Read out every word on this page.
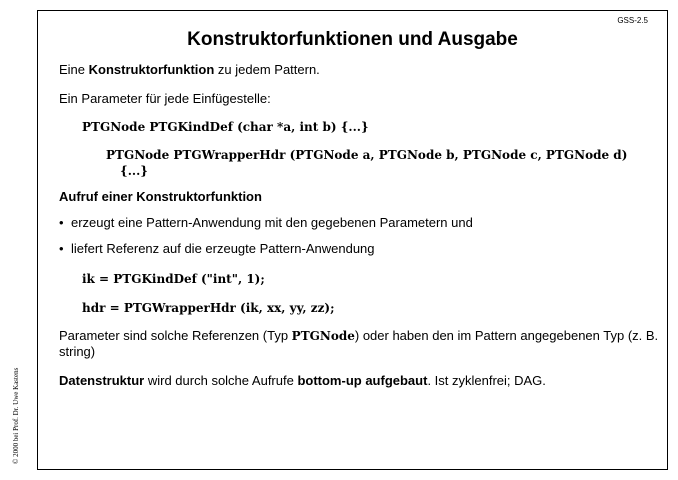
GSS-2.5
Konstruktorfunktionen und Ausgabe

Eine Konstruktorfunktion zu jedem Pattern.

Ein Parameter für jede Einfügestelle:

PTGNode PTGKindDef (char *a, int b) {...}

PTGNode PTGWrapperHdr (PTGNode a, PTGNode b, PTGNode c, PTGNode d) {...}

Aufruf einer Konstruktorfunktion

• erzeugt eine Pattern-Anwendung mit den gegebenen Parametern und

• liefert Referenz auf die erzeugte Pattern-Anwendung

ik = PTGKindDef ("int", 1);

hdr = PTGWrapperHdr (ik, xx, yy, zz);

Parameter sind solche Referenzen (Typ PTGNode) oder haben den im Pattern angegebenen Typ (z. B. string)

Datenstruktur wird durch solche Aufrufe bottom-up aufgebaut. Ist zyklenfrei; DAG.

© 2000 bei Prof. Dr. Uwe Kastens
